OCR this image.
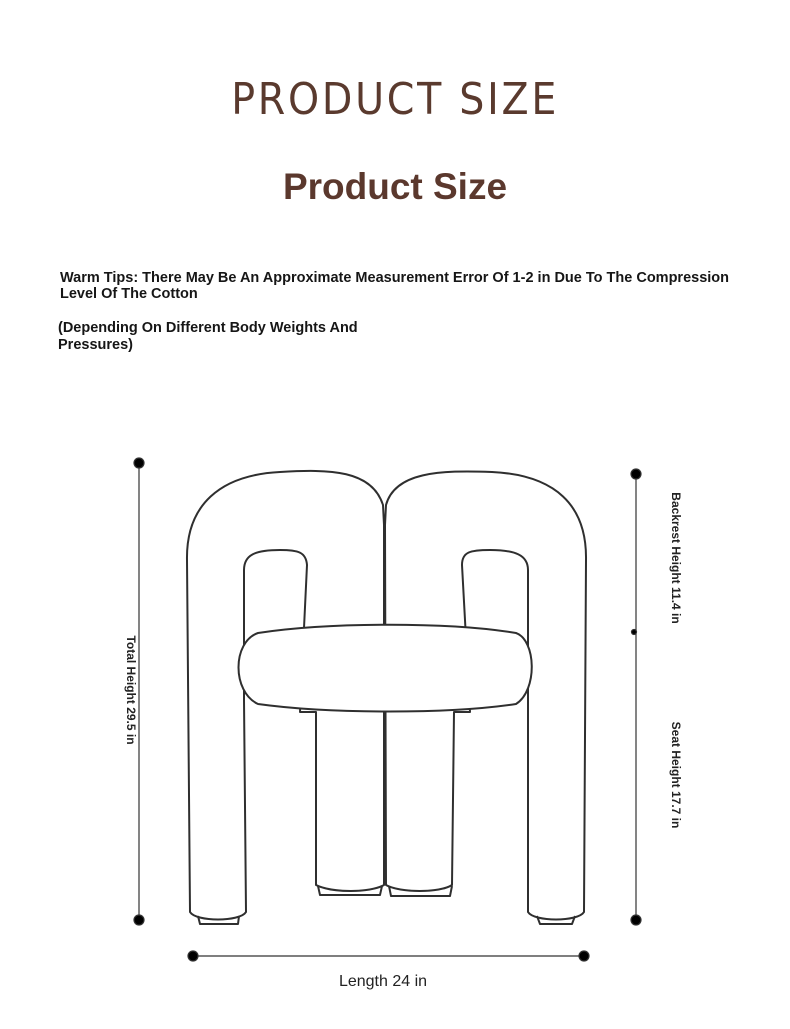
PRODUCT SIZE
Product Size
Warm Tips: There May Be An Approximate Measurement Error Of 1-2 in Due To The Compression Level Of The Cotton
(Depending On Different Body Weights And Pressures)
Total Height 29.5 in
Backrest Height 11.4 in
Seat Height 17.7 in
Length 24 in
